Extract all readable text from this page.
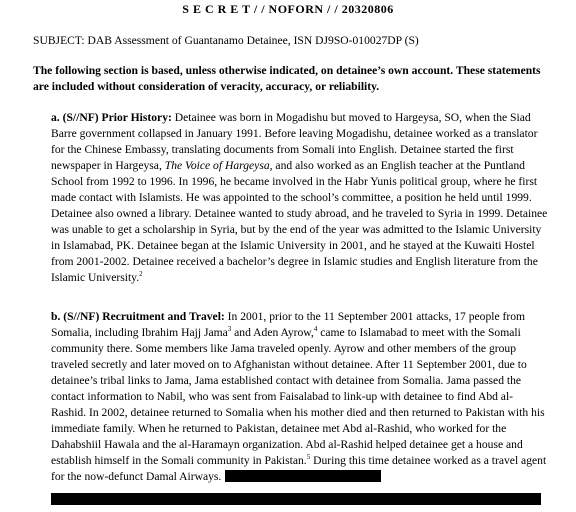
S E C R E T / / NOFORN / / 20320806
SUBJECT: DAB Assessment of Guantanamo Detainee, ISN DJ9SO-010027DP (S)
The following section is based, unless otherwise indicated, on detainee’s own account. These statements are included without consideration of veracity, accuracy, or reliability.
a. (S//NF) Prior History: Detainee was born in Mogadishu but moved to Hargeysa, SO, when the Siad Barre government collapsed in January 1991. Before leaving Mogadishu, detainee worked as a translator for the Chinese Embassy, translating documents from Somali into English. Detainee started the first newspaper in Hargeysa, The Voice of Hargeysa, and also worked as an English teacher at the Puntland School from 1992 to 1996. In 1996, he became involved in the Habr Yunis political group, where he first made contact with Islamists. He was appointed to the school’s committee, a position he held until 1999. Detainee also owned a library. Detainee wanted to study abroad, and he traveled to Syria in 1999. Detainee was unable to get a scholarship in Syria, but by the end of the year was admitted to the Islamic University in Islamabad, PK. Detainee began at the Islamic University in 2001, and he stayed at the Kuwaiti Hostel from 2001-2002. Detainee received a bachelor’s degree in Islamic studies and English literature from the Islamic University.$^2$
b. (S//NF) Recruitment and Travel: In 2001, prior to the 11 September 2001 attacks, 17 people from Somalia, including Ibrahim Hajj Jama$^3$ and Aden Ayrow,$^4$ came to Islamabad to meet with the Somali community there. Some members like Jama traveled openly. Ayrow and other members of the group traveled secretly and later moved on to Afghanistan without detainee. After 11 September 2001, due to detainee’s tribal links to Jama, Jama established contact with detainee from Somalia. Jama passed the contact information to Nabil, who was sent from Faisalabad to link-up with detainee to find Abd al-Rashid. In 2002, detainee returned to Somalia when his mother died and then returned to Pakistan with his immediate family. When he returned to Pakistan, detainee met Abd al-Rashid, who worked for the Dahabshiil Hawala and the al-Haramayn organization. Abd al-Rashid helped detainee get a house and establish himself in the Somali community in Pakistan.$^5$ During this time detainee worked as a travel agent for the now-defunct Damal Airways.
